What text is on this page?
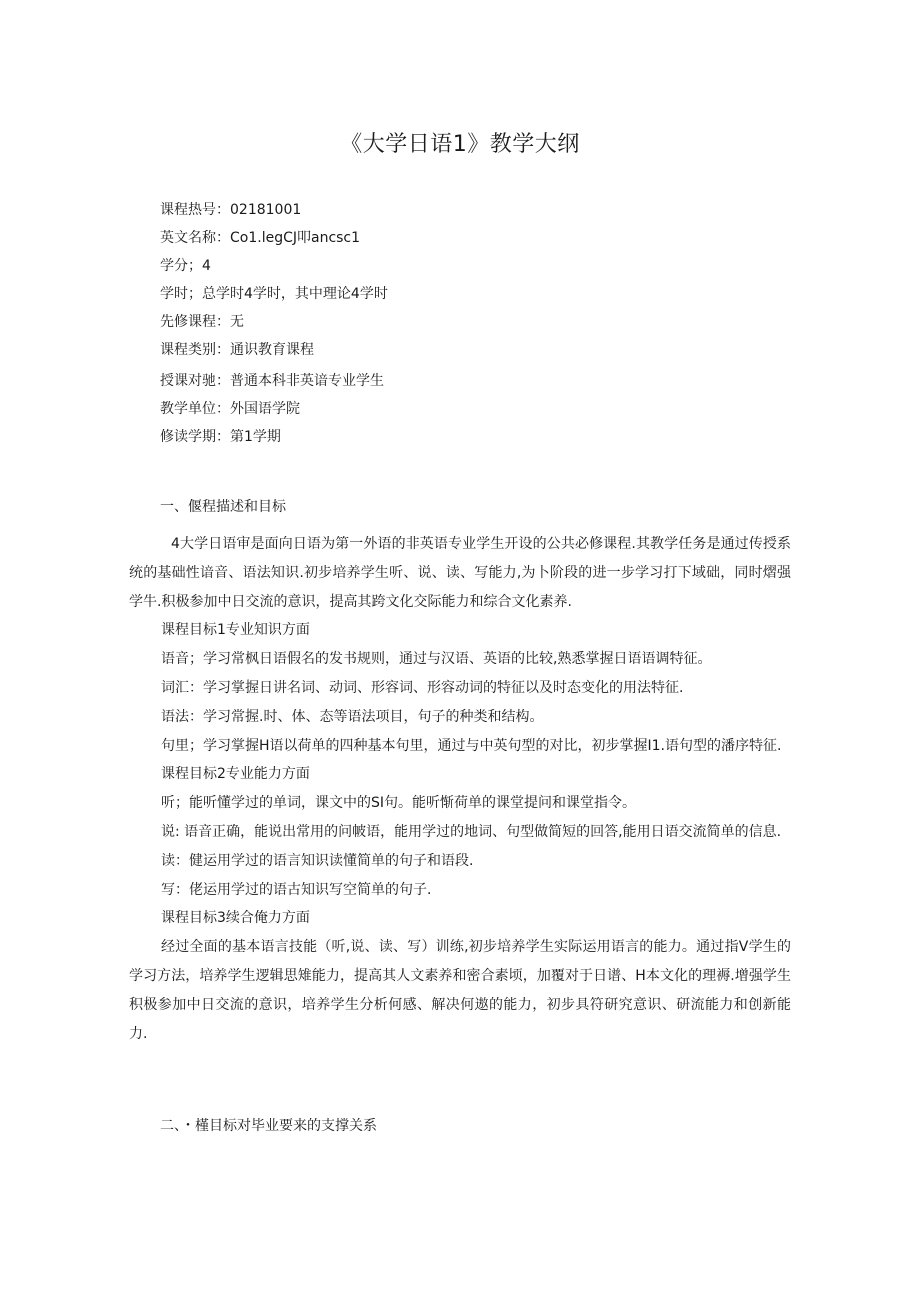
《大学日语1》教学大纲
课程热号：02181001
英文名称：Co1.legCJ叩ancsc1
学分；4
学时；总学时4学时，其中理论4学时
先修课程：无
课程类别：通识教育课程
授课对驰：普通本科非英谙专业学生
教学单位：外国语学院
修读学期：第1学期
一、偃程描述和目标

4大学日语审是面向日语为第一外语的非英语专业学生开设的公共必修课程.其教学任务是通过传授系统的基础性谙音、语法知识.初步培养学生听、说、读、写能力,为卜阶段的进一步学习打下域础，同时熠强学牛.积极参加中日交流的意识，提高其跨文化交际能力和综合文化素养.

课程目标1专业知识方面

语音；学习常枫日语假名的发书规则，通过与汉语、英语的比较,熟悉掌握日语语调特征。

词汇：学习掌握日讲名词、动词、形容词、形容动词的特征以及时态变化的用法特征.

语法：学习常握.时、体、态等语法项目，句子的种类和结构。

句里；学习掌握H语以荷单的四种基本句里，通过与中英句型的对比，初步掌握I1.语句型的潘序特征.

课程目标2专业能力方面

听；能听懂学过的单词，课文中的SI句。能听惭荷单的课堂提问和课堂指令。

说: 语音正确，能说出常用的问帔语，能用学过的地词、句型做简短的回答,能用日语交流简单的信息.

读：健运用学过的语言知识读懂简单的句子和语段.

写：佬运用学过的语古知识写空简单的句子.

课程目标3续合俺力方面

经过全面的基本语言技能（听,说、读、写）训练,初步培养学生实际运用语言的能力。通过指V学生的学习方法，培养学生逻辑思雉能力，提高其人文素养和密合素顷，加覆对于日谱、H本文化的理褥.增强学生积极参加中日交流的意识，培养学生分析何感、解决何遨的能力，初步具符研究意识、研流能力和创新能力.

二、・槿目标对毕业要来的支撑关系
